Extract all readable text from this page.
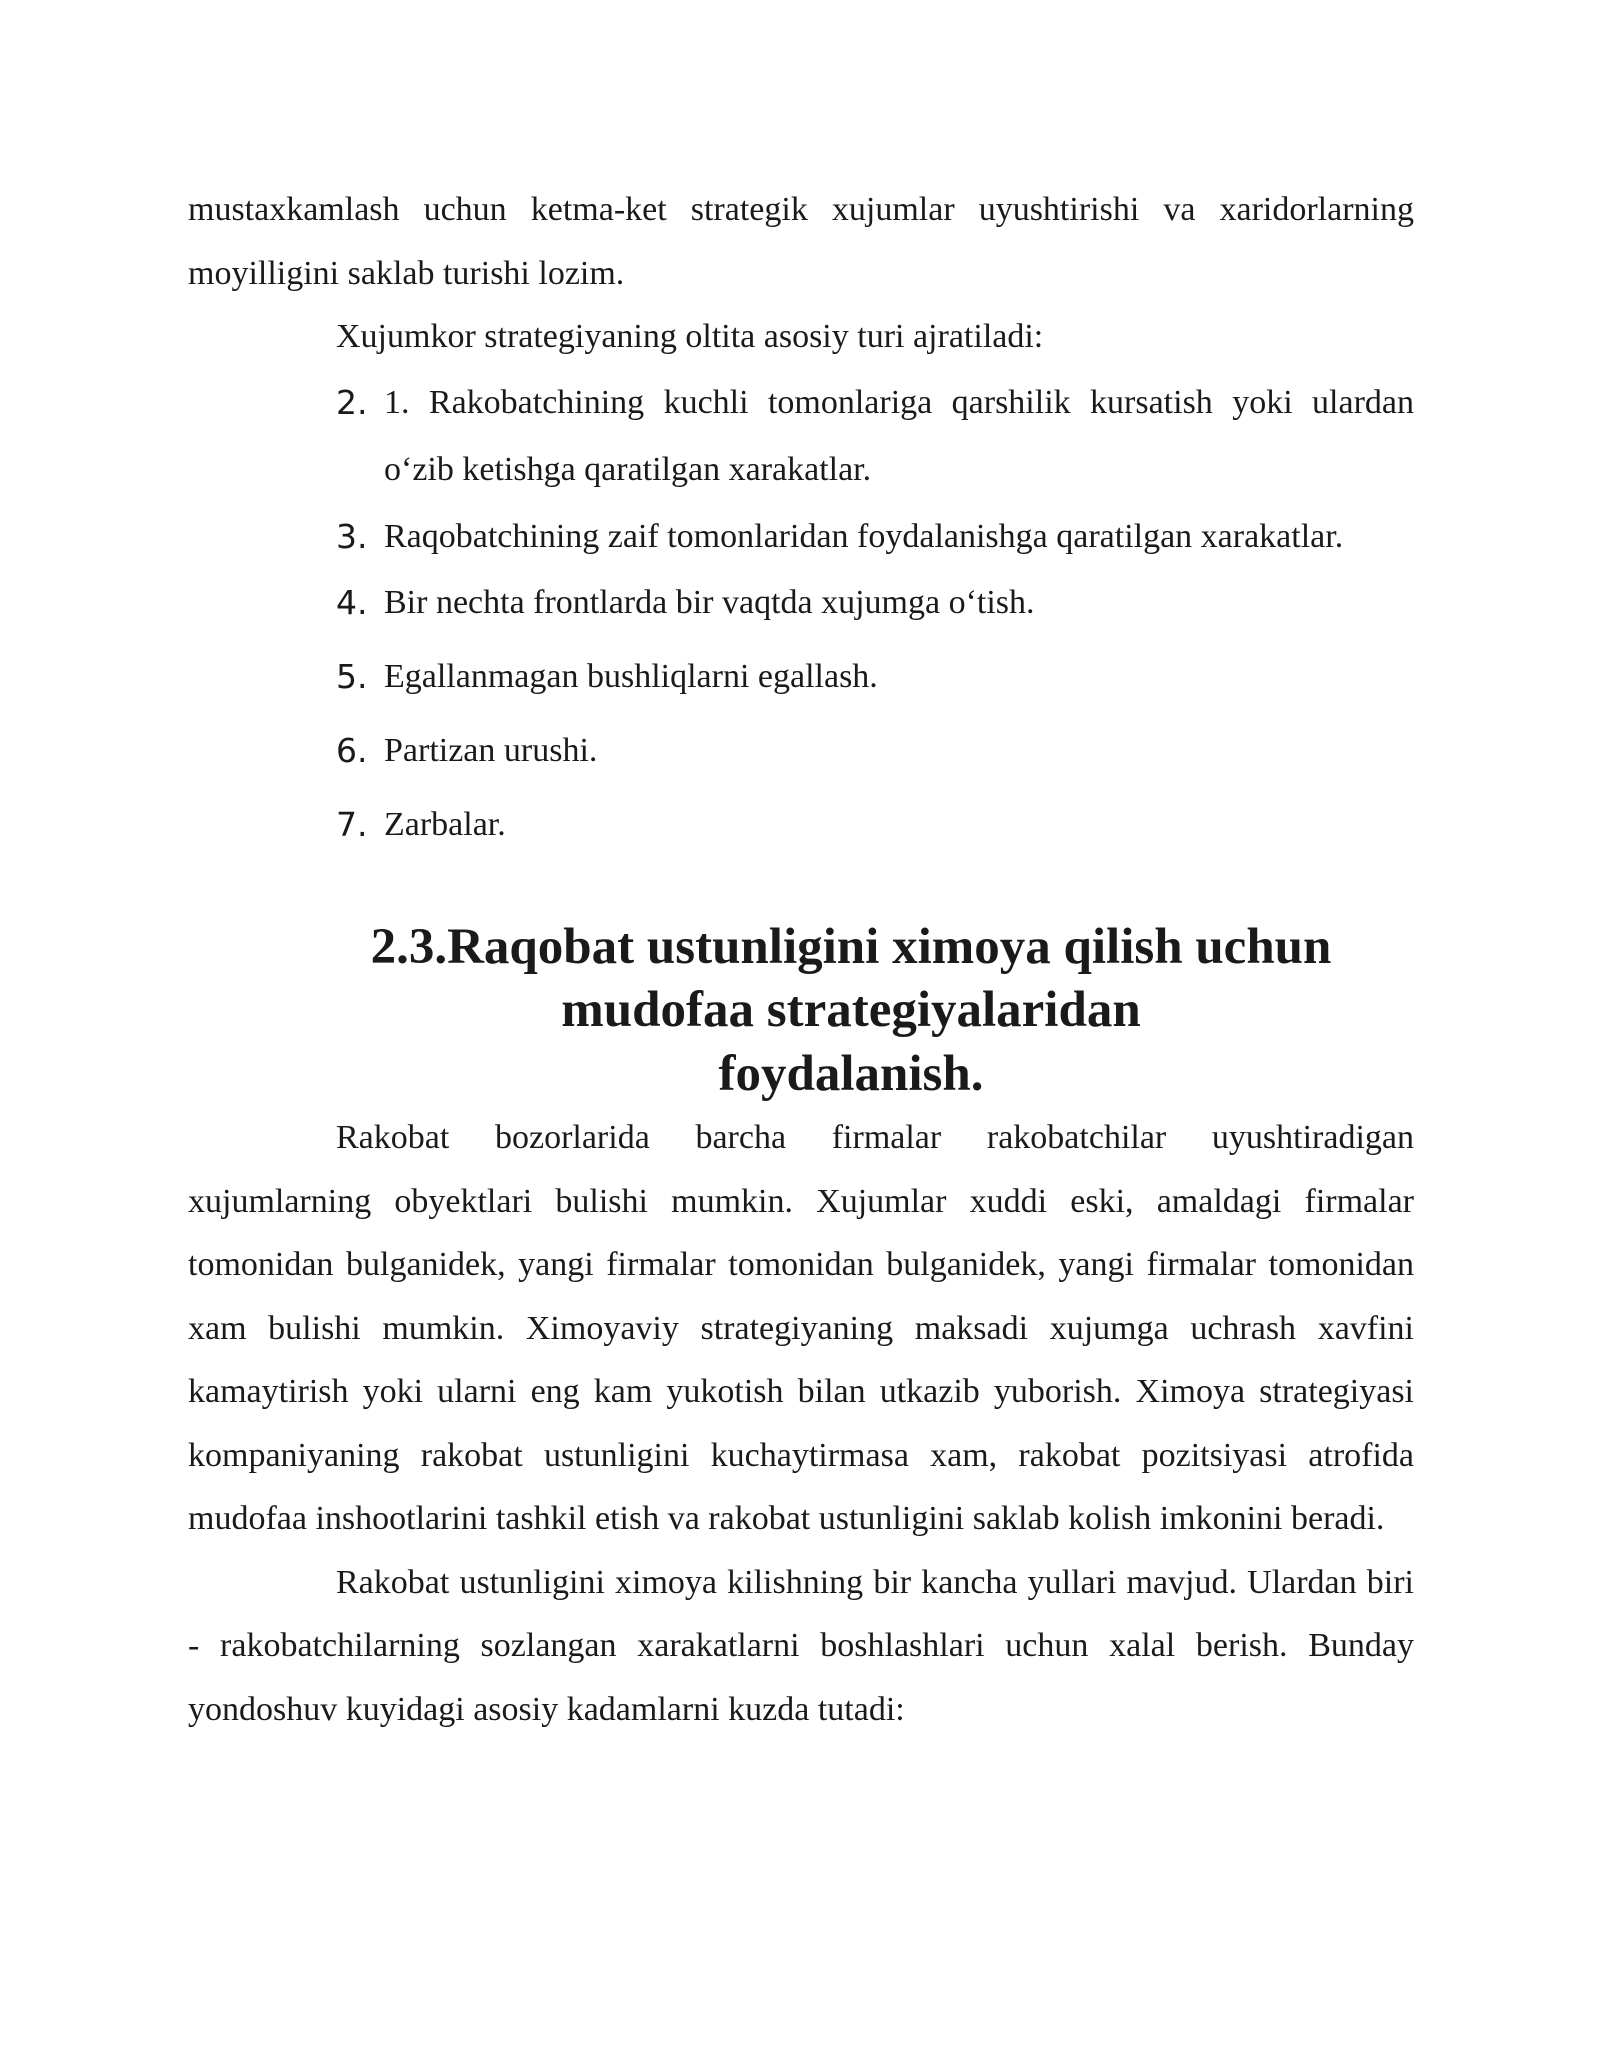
mustaxkamlash uchun ketma-ket strategik xujumlar uyushtirishi va xaridorlarning moyilligini saklab turishi lozim.

Xujumkor strategiyaning oltita asosiy turi ajratiladi:

2. 1. Rakobatchining kuchli tomonlariga qarshilik kursatish yoki ulardan o‘zib ketishga qaratilgan xarakatlar.
3. Raqobatchining zaif tomonlaridan foydalanishga qaratilgan xarakatlar.
4. Bir nechta frontlarda bir vaqtda xujumga o‘tish.
5. Egallanmagan bushliqlarni egallash.
6. Partizan urushi.
7. Zarbalar.
2.3.Raqobat ustunligini ximoya qilish uchun mudofaa strategiyalaridan
foydalanish.

Rakobat bozorlarida barcha firmalar rakobatchilar uyushtiradigan xujumlarning obyektlari bulishi mumkin. Xujumlar xuddi eski, amaldagi firmalar tomonidan bulganidek, yangi firmalar tomonidan bulganidek, yangi firmalar tomonidan xam bulishi mumkin. Ximoyaviy strategiyaning maksadi xujumga uchrash xavfini kamaytirish yoki ularni eng kam yukotish bilan utkazib yuborish. Ximoya strategiyasi kompaniyaning rakobat ustunligini kuchaytirmasa xam, rakobat pozitsiyasi atrofida mudofaa inshootlarini tashkil etish va rakobat ustunligini saklab kolish imkonini beradi.

Rakobat ustunligini ximoya kilishning bir kancha yullari mavjud. Ulardan biri - rakobatchilarning sozlangan xarakatlarni boshlashlari uchun xalal berish. Bunday yondoshuv kuyidagi asosiy kadamlarni kuzda tutadi:
